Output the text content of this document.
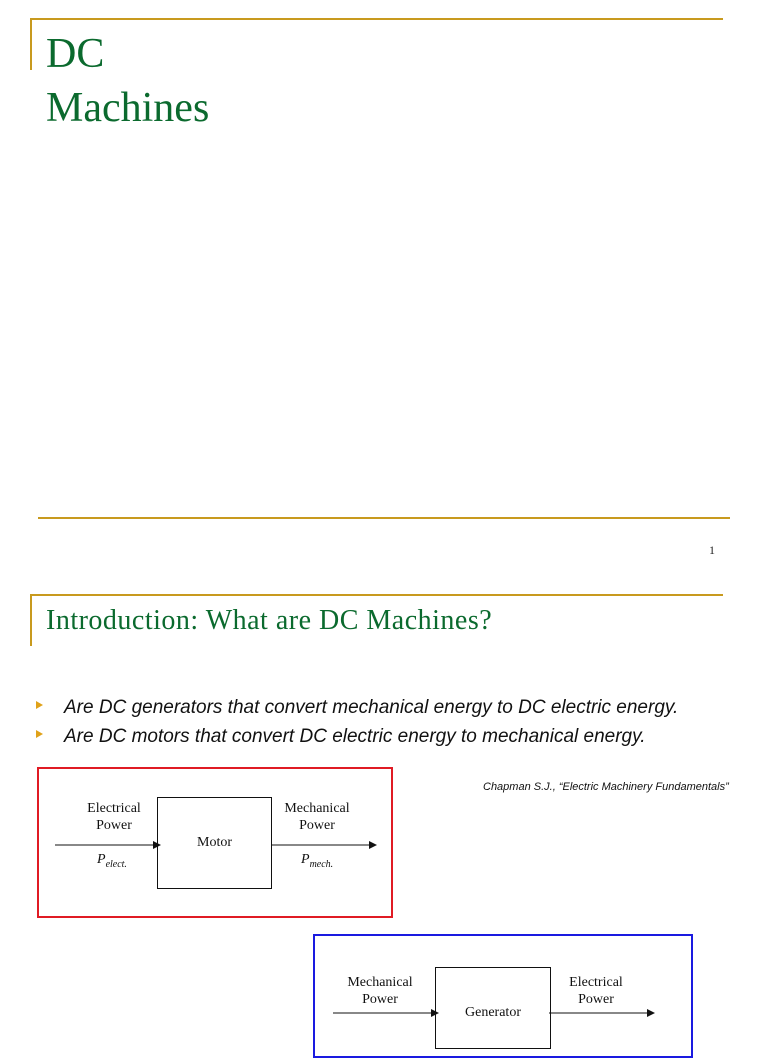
DC
Machines
1
Introduction: What are DC Machines?
Are DC generators that convert mechanical energy to DC electric energy.
Are DC motors that convert DC electric energy to mechanical energy.
Chapman S.J., “Electric Machinery Fundamentals”
Electrical
Power
$P_{elect.}$
Motor
Mechanical
Power
$P_{mech.}$
Mechanical
Power
Generator
Electrical
Power
